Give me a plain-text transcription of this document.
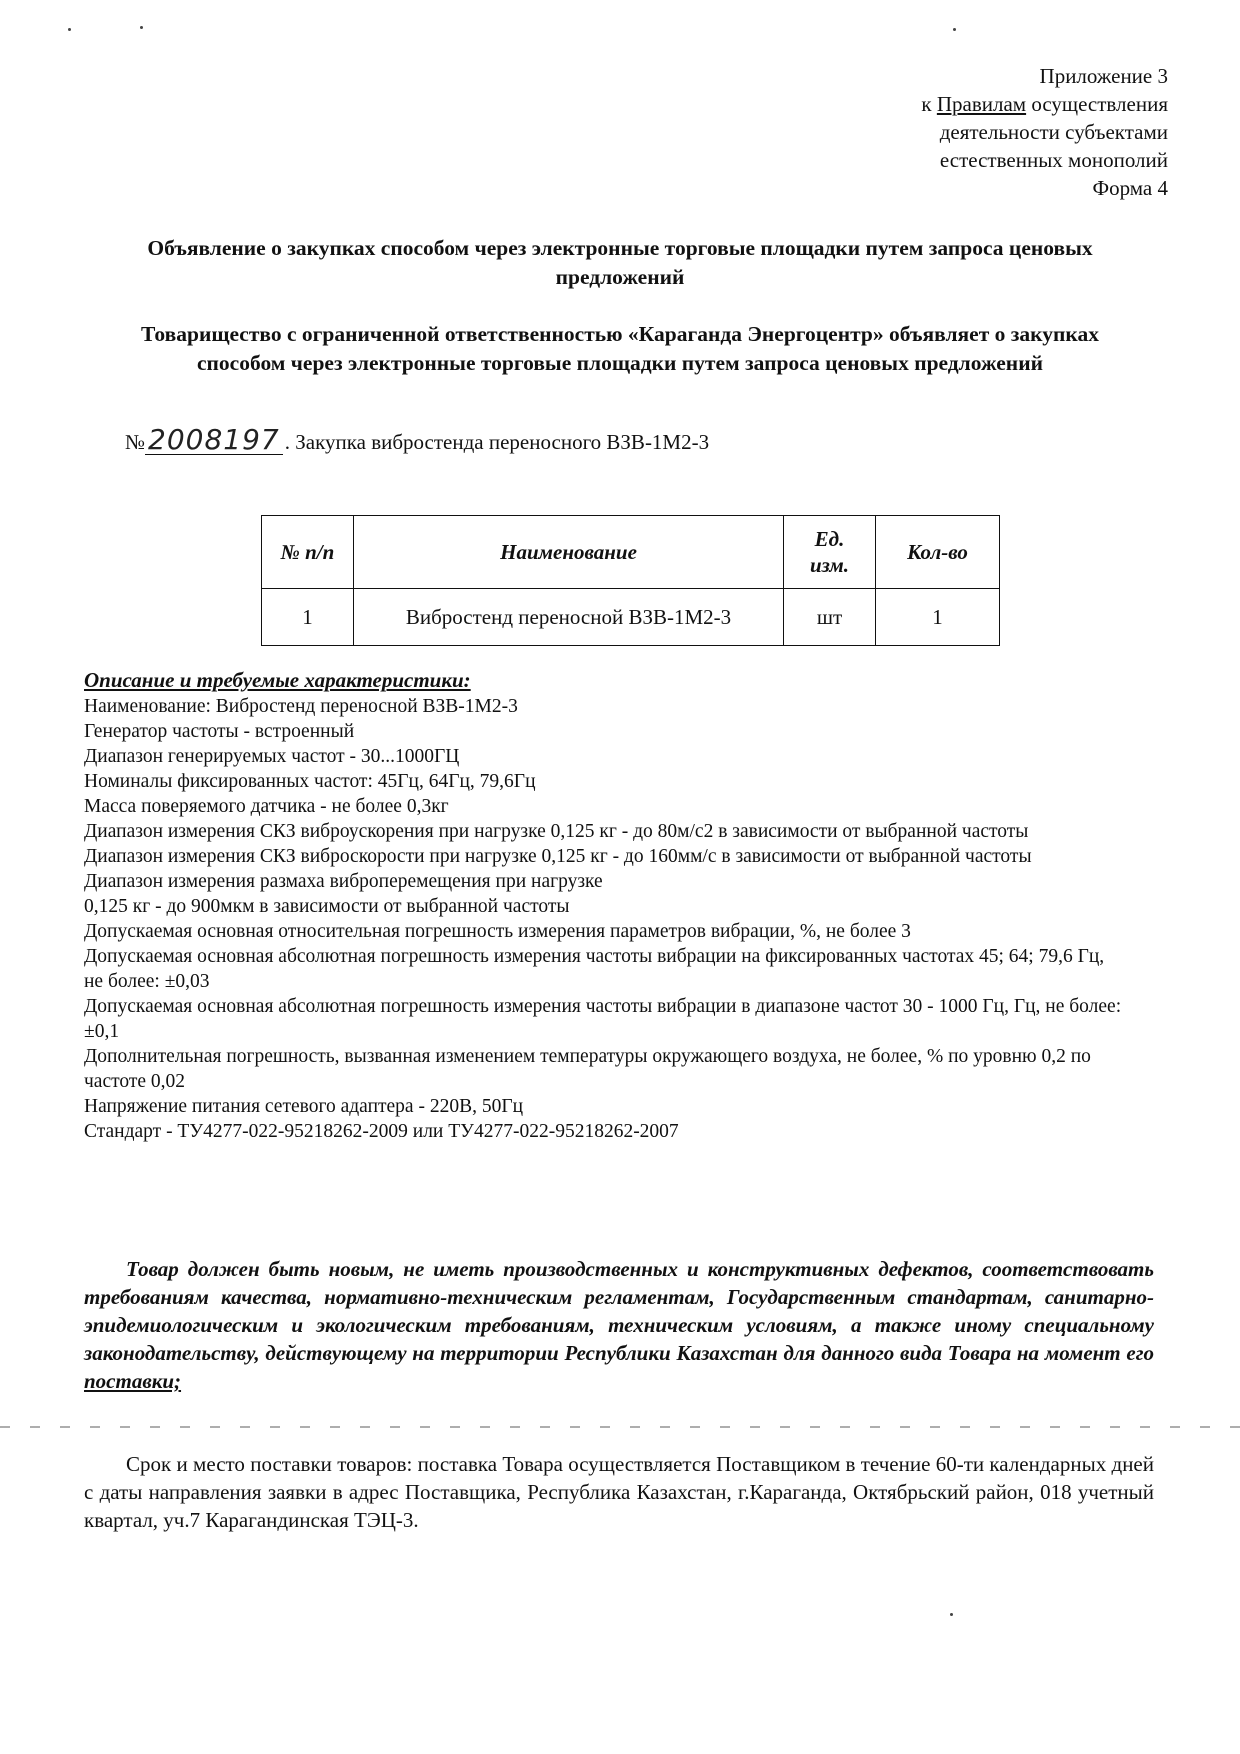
Приложение 3
к Правилам осуществления
деятельности субъектами
естественных монополий
Форма 4
Объявление о закупках способом через электронные торговые площадки путем запроса ценовых предложений
Товарищество с ограниченной ответственностью «Караганда Энергоцентр» объявляет о закупках способом через электронные торговые площадки путем запроса ценовых предложений
№ 2008197 . Закупка вибростенда переносного ВЗВ-1М2-3
№ п/п	Наименование	Ед. изм.	Кол-во
1	Вибростенд переносной ВЗВ-1М2-3	шт	1
Описание и требуемые характеристики:

Наименование: Вибростенд переносной ВЗВ-1М2-3

Генератор частоты - встроенный

Диапазон генерируемых частот - 30...1000ГЦ

Номиналы фиксированных частот: 45Гц, 64Гц, 79,6Гц

Масса поверяемого датчика - не более 0,3кг

Диапазон измерения СКЗ виброускорения при нагрузке 0,125 кг - до 80м/с2 в зависимости от выбранной частоты

Диапазон измерения СКЗ виброскорости при нагрузке 0,125 кг - до 160мм/с в зависимости от выбранной частоты

Диапазон измерения размаха виброперемещения при нагрузке

0,125 кг - до 900мкм в зависимости от выбранной частоты

Допускаемая основная относительная погрешность измерения параметров вибрации, %, не более 3

Допускаемая основная абсолютная погрешность измерения частоты вибрации на фиксированных частотах 45; 64; 79,6 Гц, не более: ±0,03

Допускаемая основная абсолютная погрешность измерения частоты вибрации в диапазоне частот 30 - 1000 Гц, Гц, не более: ±0,1

Дополнительная погрешность, вызванная изменением температуры окружающего воздуха, не более, % по уровню 0,2 по частоте 0,02

Напряжение питания сетевого адаптера - 220В, 50Гц

Стандарт - ТУ4277-022-95218262-2009 или ТУ4277-022-95218262-2007

Товар должен быть новым, не иметь производственных и конструктивных дефектов, соответствовать требованиям качества, нормативно-техническим регламентам, Государственным стандартам, санитарно-эпидемиологическим и экологическим требованиям, техническим условиям, а также иному специальному законодательству, действующему на территории Республики Казахстан для данного вида Товара на момент его поставки;
Срок и место поставки товаров: поставка Товара осуществляется Поставщиком в течение 60-ти календарных дней с даты направления заявки в адрес Поставщика, Республика Казахстан, г.Караганда, Октябрьский район, 018 учетный квартал, уч.7 Карагандинская ТЭЦ-3.
